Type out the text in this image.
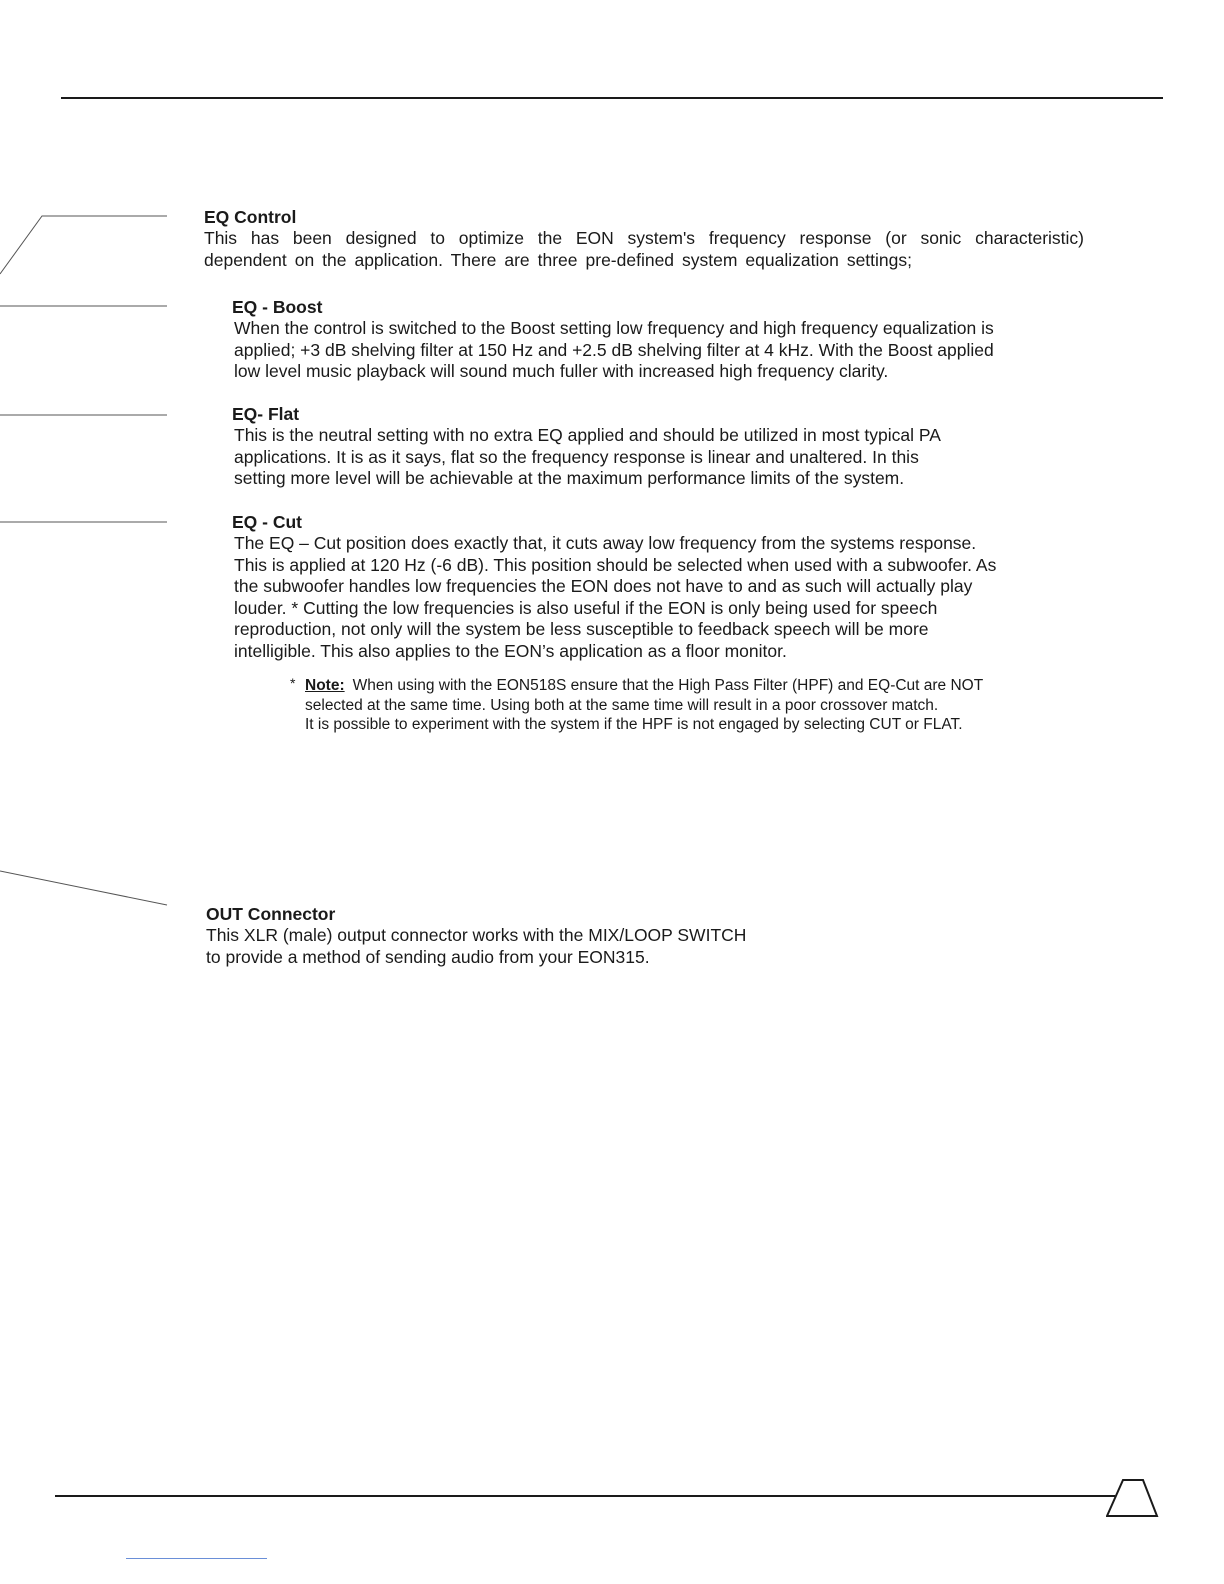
EQ Control

This has been designed to optimize the EON system's frequency response (or sonic characteristic)
dependent on the application. There are three pre-defined system equalization settings;

EQ - Boost

When the control is switched to the Boost setting low frequency and high frequency equalization is
applied; +3 dB shelving filter at 150 Hz and +2.5 dB shelving filter at 4 kHz. With the Boost applied
low level music playback will sound much fuller with increased high frequency clarity.

EQ- Flat

This is the neutral setting with no extra EQ applied and should be utilized in most typical PA
applications. It is as it says, flat so the frequency response is linear and unaltered. In this
setting more level will be achievable at the maximum performance limits of the system.

EQ - Cut

The EQ – Cut position does exactly that, it cuts away low frequency from the systems response.
This is applied at 120 Hz (-6 dB). This position should be selected when used with a subwoofer. As
the subwoofer handles low frequencies the EON does not have to and as such will actually play
louder. * Cutting the low frequencies is also useful if the EON is only being used for speech
reproduction, not only will the system be less susceptible to feedback speech will be more
intelligible. This also applies to the EON’s application as a floor monitor.

* Note: When using with the EON518S ensure that the High Pass Filter (HPF) and EQ-Cut are NOT
selected at the same time. Using both at the same time will result in a poor crossover match.
It is possible to experiment with the system if the HPF is not engaged by selecting CUT or FLAT.
OUT Connector

This XLR (male) output connector works with the MIX/LOOP SWITCH
to provide a method of sending audio from your EON315.
